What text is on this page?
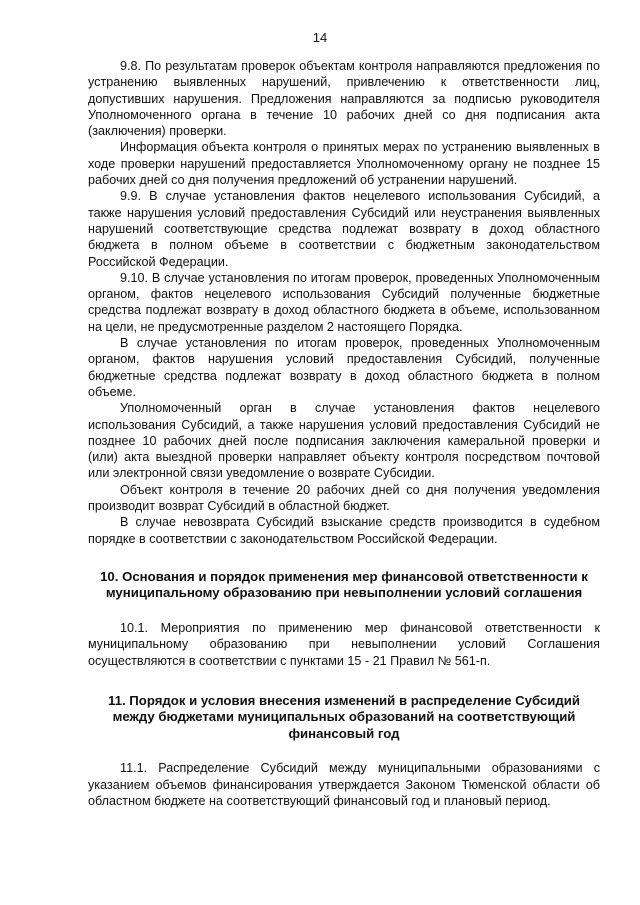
14

9.8. По результатам проверок объектам контроля направляются предложения по устранению выявленных нарушений, привлечению к ответственности лиц, допустивших нарушения. Предложения направляются за подписью руководителя Уполномоченного органа в течение 10 рабочих дней со дня подписания акта (заключения) проверки.

Информация объекта контроля о принятых мерах по устранению выявленных в ходе проверки нарушений предоставляется Уполномоченному органу не позднее 15 рабочих дней со дня получения предложений об устранении нарушений.

9.9. В случае установления фактов нецелевого использования Субсидий, а также нарушения условий предоставления Субсидий или неустранения выявленных нарушений соответствующие средства подлежат возврату в доход областного бюджета в полном объеме в соответствии с бюджетным законодательством Российской Федерации.

9.10. В случае установления по итогам проверок, проведенных Уполномоченным органом, фактов нецелевого использования Субсидий полученные бюджетные средства подлежат возврату в доход областного бюджета в объеме, использованном на цели, не предусмотренные разделом 2 настоящего Порядка.

В случае установления по итогам проверок, проведенных Уполномоченным органом, фактов нарушения условий предоставления Субсидий, полученные бюджетные средства подлежат возврату в доход областного бюджета в полном объеме.

Уполномоченный орган в случае установления фактов нецелевого использования Субсидий, а также нарушения условий предоставления Субсидий не позднее 10 рабочих дней после подписания заключения камеральной проверки и (или) акта выездной проверки направляет объекту контроля посредством почтовой или электронной связи уведомление о возврате Субсидии.

Объект контроля в течение 20 рабочих дней со дня получения уведомления производит возврат Субсидий в областной бюджет.

В случае невозврата Субсидий взыскание средств производится в судебном порядке в соответствии с законодательством Российской Федерации.

10. Основания и порядок применения мер финансовой ответственности к муниципальному образованию при невыполнении условий соглашения

10.1. Мероприятия по применению мер финансовой ответственности к муниципальному образованию при невыполнении условий Соглашения осуществляются в соответствии с пунктами 15 - 21 Правил № 561-п.

11. Порядок и условия внесения изменений в распределение Субсидий между бюджетами муниципальных образований на соответствующий финансовый год

11.1. Распределение Субсидий между муниципальными образованиями с указанием объемов финансирования утверждается Законом Тюменской области об областном бюджете на соответствующий финансовый год и плановый период.
